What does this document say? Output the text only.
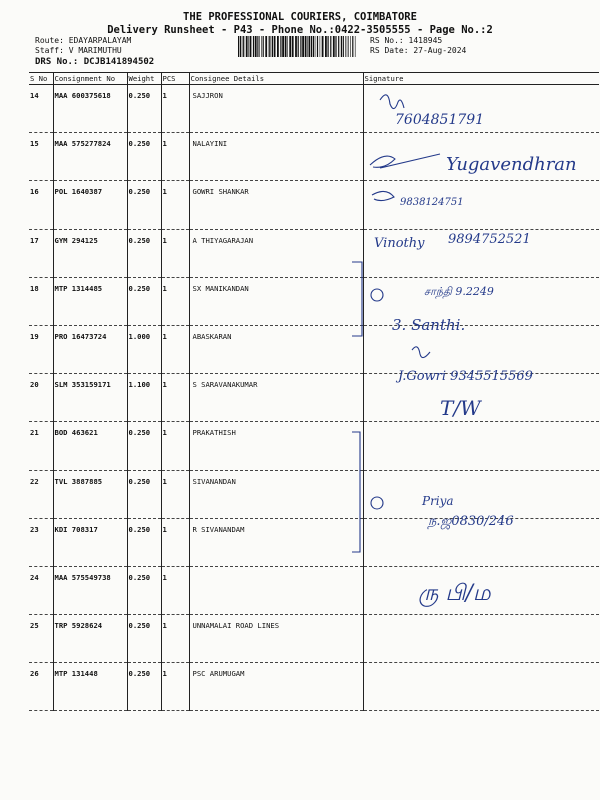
THE PROFESSIONAL COURIERS, COIMBATORE
Delivery Runsheet - P43 - Phone No.:0422-3505555 - Page No.:2
Route: EDAYARPALAYAM
Staff: V MARIMUTHU
DRS No.: DCJB141894502
RS No.: 1418945
RS Date: 27-Aug-2024
S No	Consignment No	Weight	PCS	Consignee Details	Signature
14	MAA 600375618	0.250	1	SAJJRON	
15	MAA 575277824	0.250	1	NALAYINI	
16	POL 1640387	0.250	1	GOWRI SHANKAR	
17	GYM 294125	0.250	1	A THIYAGARAJAN	
18	MTP 1314485	0.250	1	SX MANIKANDAN	
19	PRO 16473724	1.000	1	ABASKARAN	
20	SLM 353159171	1.100	1	S SARAVANAKUMAR	
21	BOD 463621	0.250	1	PRAKATHISH	
22	TVL 3887885	0.250	1	SIVANANDAN	
23	KDI 708317	0.250	1	R SIVANANDAM	
24	MAA 575549738	0.250	1		
25	TRP 5928624	0.250	1	UNNAMALAI ROAD LINES	
26	MTP 131448	0.250	1	PSC ARUMUGAM	
7604851791
Yugavendhran
9838124751
Vinothy 9894752521
சாந்தி 9.2249
3. Santhi.
J.Gowri 9345515569
T/W
Priya
ந.ஜ0830/246
ரு பி/ம
